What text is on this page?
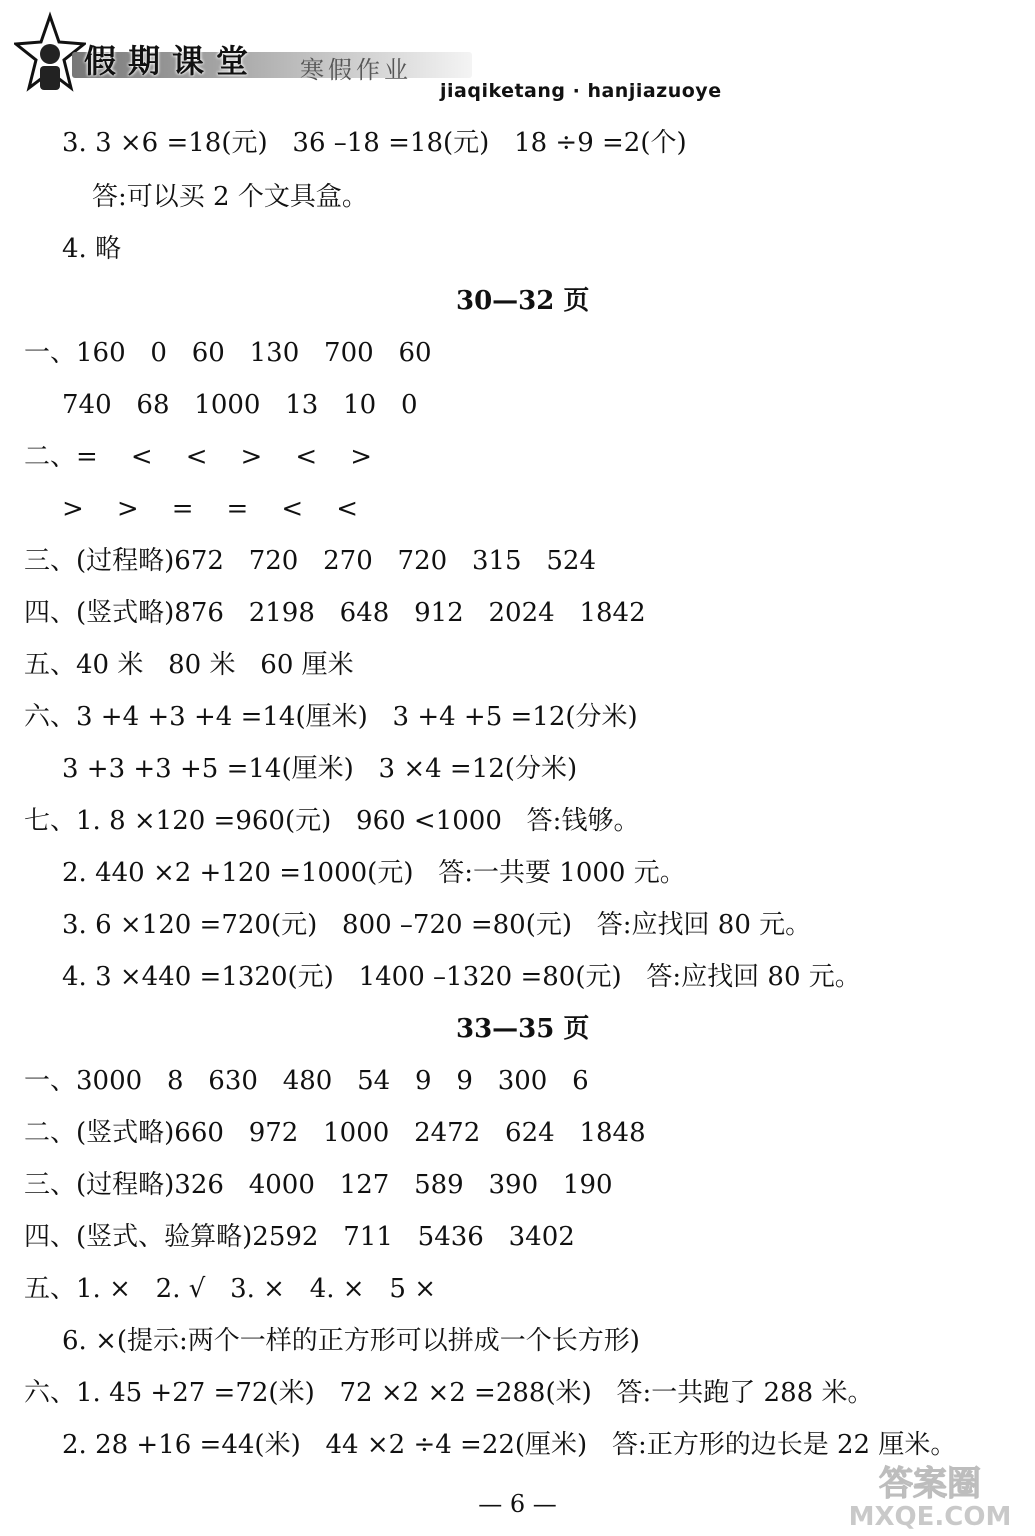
假期课堂 寒假作业
jiaqiketang · hanjiazuoye
3. 3 ×6 =18(元)   36 –18 =18(元)   18 ÷9 =2(个)
答:可以买 2 个文具盒。
4. 略
30—32 页
一、160   0   60   130   700   60
740   68   1000   13   10   0
二、=    <    <    >    <    >
>    >    =    =    <    <
三、(过程略)672   720   270   720   315   524
四、(竖式略)876   2198   648   912   2024   1842
五、40 米   80 米   60 厘米
六、3 +4 +3 +4 =14(厘米)   3 +4 +5 =12(分米)
3 +3 +3 +5 =14(厘米)   3 ×4 =12(分米)
七、1. 8 ×120 =960(元)   960 <1000   答:钱够。
2. 440 ×2 +120 =1000(元)   答:一共要 1000 元。
3. 6 ×120 =720(元)   800 –720 =80(元)   答:应找回 80 元。
4. 3 ×440 =1320(元)   1400 –1320 =80(元)   答:应找回 80 元。
33—35 页
一、3000   8   630   480   54   9   9   300   6
二、(竖式略)660   972   1000   2472   624   1848
三、(过程略)326   4000   127   589   390   190
四、(竖式、验算略)2592   711   5436   3402
五、1. ×   2. √   3. ×   4. ×   5 ×
6. ×(提示:两个一样的正方形可以拼成一个长方形)
六、1. 45 +27 =72(米)   72 ×2 ×2 =288(米)   答:一共跑了 288 米。
2. 28 +16 =44(米)   44 ×2 ÷4 =22(厘米)   答:正方形的边长是 22 厘米。
— 6 —	答案圈
MXQE.COM
